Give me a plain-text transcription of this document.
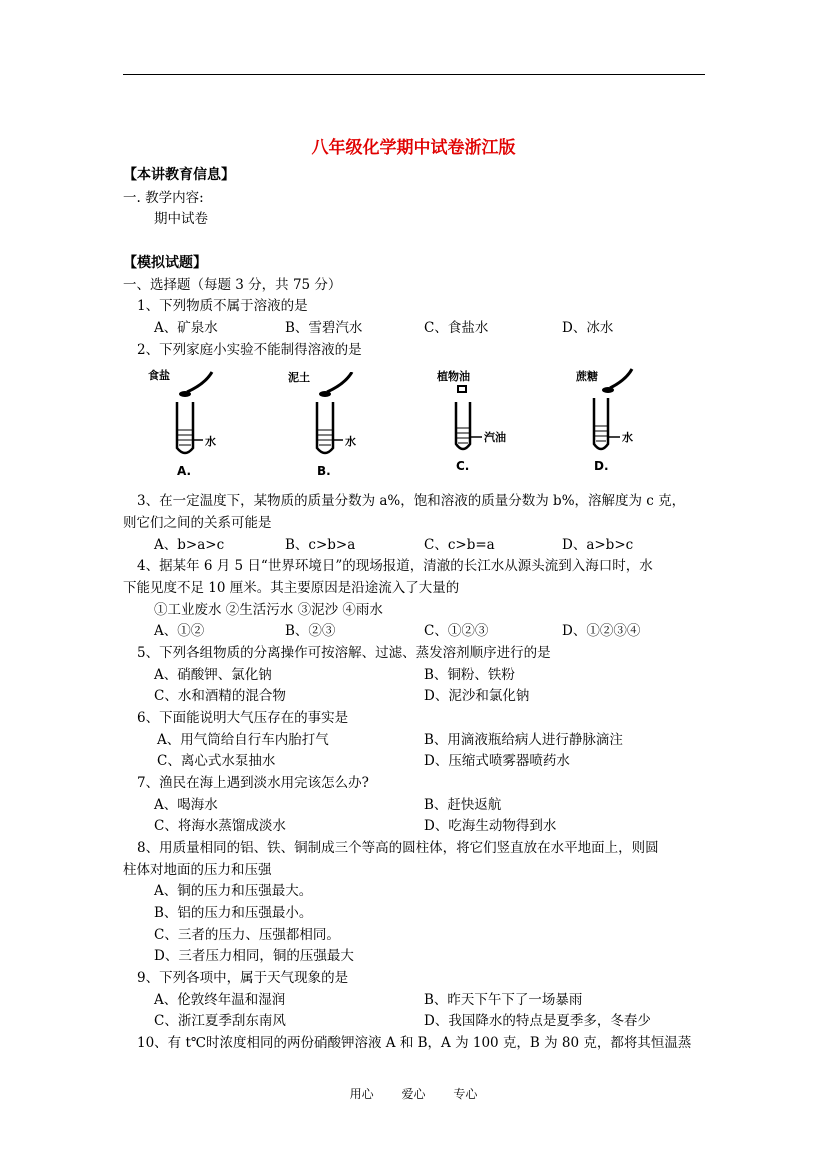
八年级化学期中试卷浙江版
【本讲教育信息】
一. 教学内容:
期中试卷
【模拟试题】
一、选择题（每题 3 分，共 75 分）
1、下列物质不属于溶液的是
A、矿泉水	B、雪碧汽水	C、食盐水	D、冰水
2、下列家庭小实验不能制得溶液的是
食盐
水
A.
泥土
水
B.
植物油
汽油
C.
蔗糖
水
D.
3、在一定温度下，某物质的质量分数为 a%，饱和溶液的质量分数为 b%，溶解度为 c 克，
则它们之间的关系可能是
A、b>a>c	B、c>b>a	C、c>b=a	D、a>b>c
4、据某年 6 月 5 日“世界环境日”的现场报道，清澈的长江水从源头流到入海口时，水
下能见度不足 10 厘米。其主要原因是沿途流入了大量的
①工业废水 ②生活污水 ③泥沙 ④雨水
A、①②	B、②③	C、①②③	D、①②③④
5、下列各组物质的分离操作可按溶解、过滤、蒸发溶剂顺序进行的是
A、硝酸钾、氯化钠	B、铜粉、铁粉
C、水和酒精的混合物	D、泥沙和氯化钠
6、下面能说明大气压存在的事实是
A、用气筒给自行车内胎打气	B、用滴液瓶给病人进行静脉滴注
C、离心式水泵抽水	D、压缩式喷雾器喷药水
7、渔民在海上遇到淡水用完该怎么办?
A、喝海水	B、赶快返航
C、将海水蒸馏成淡水	D、吃海生动物得到水
8、用质量相同的铝、铁、铜制成三个等高的圆柱体，将它们竖直放在水平地面上，则圆
柱体对地面的压力和压强
A、铜的压力和压强最大。
B、铝的压力和压强最小。
C、三者的压力、压强都相同。
D、三者压力相同，铜的压强最大
9、下列各项中，属于天气现象的是
A、伦敦终年温和湿润	B、昨天下午下了一场暴雨
C、浙江夏季刮东南风	D、我国降水的特点是夏季多，冬春少
10、有 t℃时浓度相同的两份硝酸钾溶液 A 和 B，A 为 100 克，B 为 80 克，都将其恒温蒸
用心 爱心 专心
